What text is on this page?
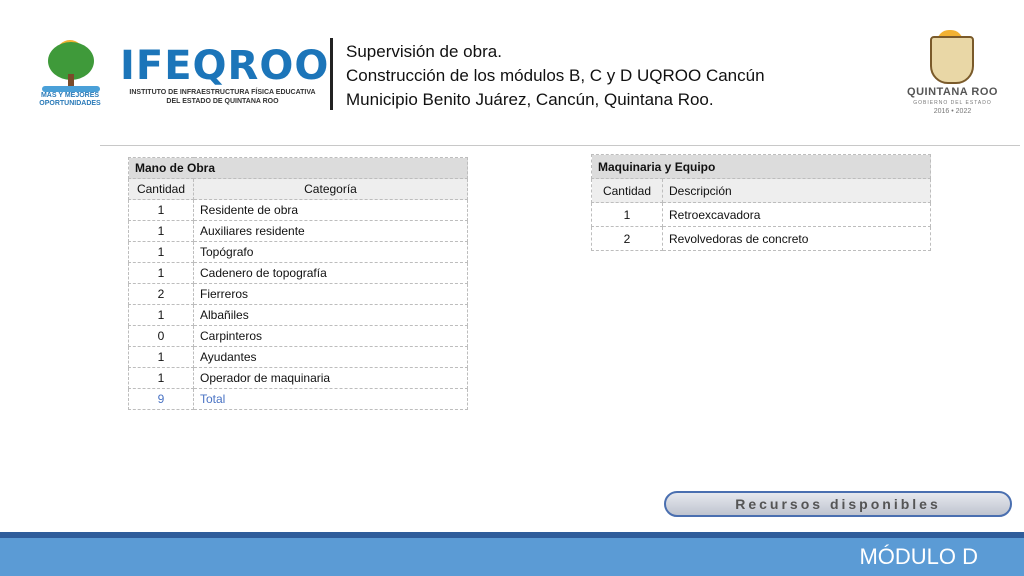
MAS Y MEJORES
OPORTUNIDADES
IFEQROO
INSTITUTO DE INFRAESTRUCTURA FÍSICA EDUCATIVA
DEL ESTADO DE QUINTANA ROO
Supervisión de obra.
Construcción de los módulos B, C y D UQROO Cancún
Municipio Benito Juárez, Cancún, Quintana Roo.	QUINTANA ROO
GOBIERNO DEL ESTADO
2016 • 2022
Mano de Obra	
Cantidad	Categoría
1	Residente de obra
1	Auxiliares residente
1	Topógrafo
1	Cadenero de topografía
2	Fierreros
1	Albañiles
0	Carpinteros
1	Ayudantes
1	Operador de maquinaria
9	Total
Maquinaria y Equipo	
Cantidad	Descripción
1	Retroexcavadora
2	Revolvedoras de concreto
Recursos disponibles
MÓDULO D
